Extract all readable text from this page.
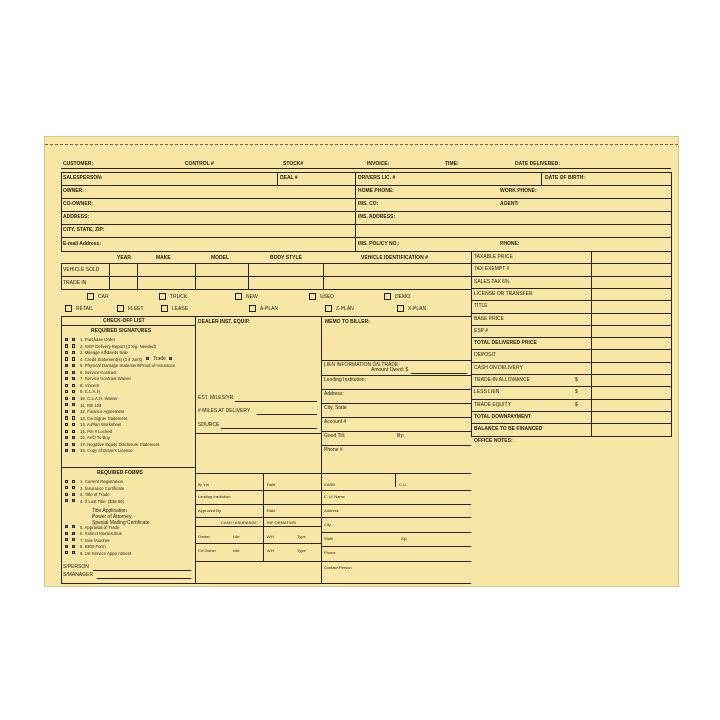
CUSTOMER:	CONTROL #	STOCK#	INVOICE:	TIME:	DATE DELIVERED:
SALESPERSON:	DEAL #	DRIVERS LIC. #	DATE OF BIRTH:
OWNER:	HOME PHONE:	WORK PHONE:
CO-OWNER:	INS. CO:	AGENT:
ADDRESS:	INS. ADDRESS:
CITY, STATE, ZIP:
E-mail Address:	INS. POLICY NO.:	PHONE:
YEAR	MAKE	MODEL	BODY STYLE	VEHICLE IDENTIFICATION #
VEHICLE SOLD
TRADE IN
CAR	TRUCK	NEW	USED	DEMO
RETAIL	FLEET	LEASE	A-PLAN	Z-PLAN	X-PLAN
TAXABLE PRICE
TAX EXEMPT #
SALES TAX 6%
LICENSE OR TRANSFER
TITLE
BASE PRICE
ESP #
TOTAL DELIVERED PRICE
DEPOSIT
CASH ON DELIVERY
TRADE-IN ALLOWANCE	$
LESS LIEN	$
TRADE EQUITY	$
TOTAL DOWNPAYMENT
BALANCE TO BE FINANCED
OFFICE NOTES:
CHECK-OFF LIST
REQUIRED SIGNATURES
1. Purchase Order
2. GCP Delivery Report (3 Sig. Needed)
3. Mileage Affidavits Sale
4. Credit Statement(s) (2 if Joint)
5. Physical Damage Statement/Proof of Insurance
6. Service Contract
7. Service Contract Waiver
8. Vincent
9. C.L.A.H.
10. C.L.A.H. Waiver
11. RD 108
12. Finance Agreement
13. Co-Signer Statement
14. A-Plan Worksheet
15. Pin # Locked
16. AVO To Buy
17. Negative Equity Disclosure Statement
18. Copy of Drivers License
Trade
REQUIRED FORMS
1. Current Registration
2. Insurance Certificate
3. Title of Trade
4. If Lost Title: ($38.00)
5. Appraisal of Trade
6. Collect Monies Due
7. Gas Voucher
8. 8300 Form
9. 1st Service Appo ntment
Title Application
Power of Attorney
Special Mailing Certificate
S/PERSON
S/MANAGER
DEALER INST. EQUIP.
EST. MILES/YR:
# MILES AT DELIVERY
SOURCE
MEMO TO BILLER:
LIEN INFORMATION ON TRADE:
Amount Owed: $
Lending Institution:
Address:
City, State
Account #
Good Till:	By:
Phone #
ify Yrs	Rate
Lending Institution
Approved By	Date
CLAH / ASURANCE INF ORMATION
Owner	Life	A/H	Type
Co Owner	Life	A/H	Type
CASH	C.U.
C. U. Name
Address
City
State	Zip
Phone
Contact Person
